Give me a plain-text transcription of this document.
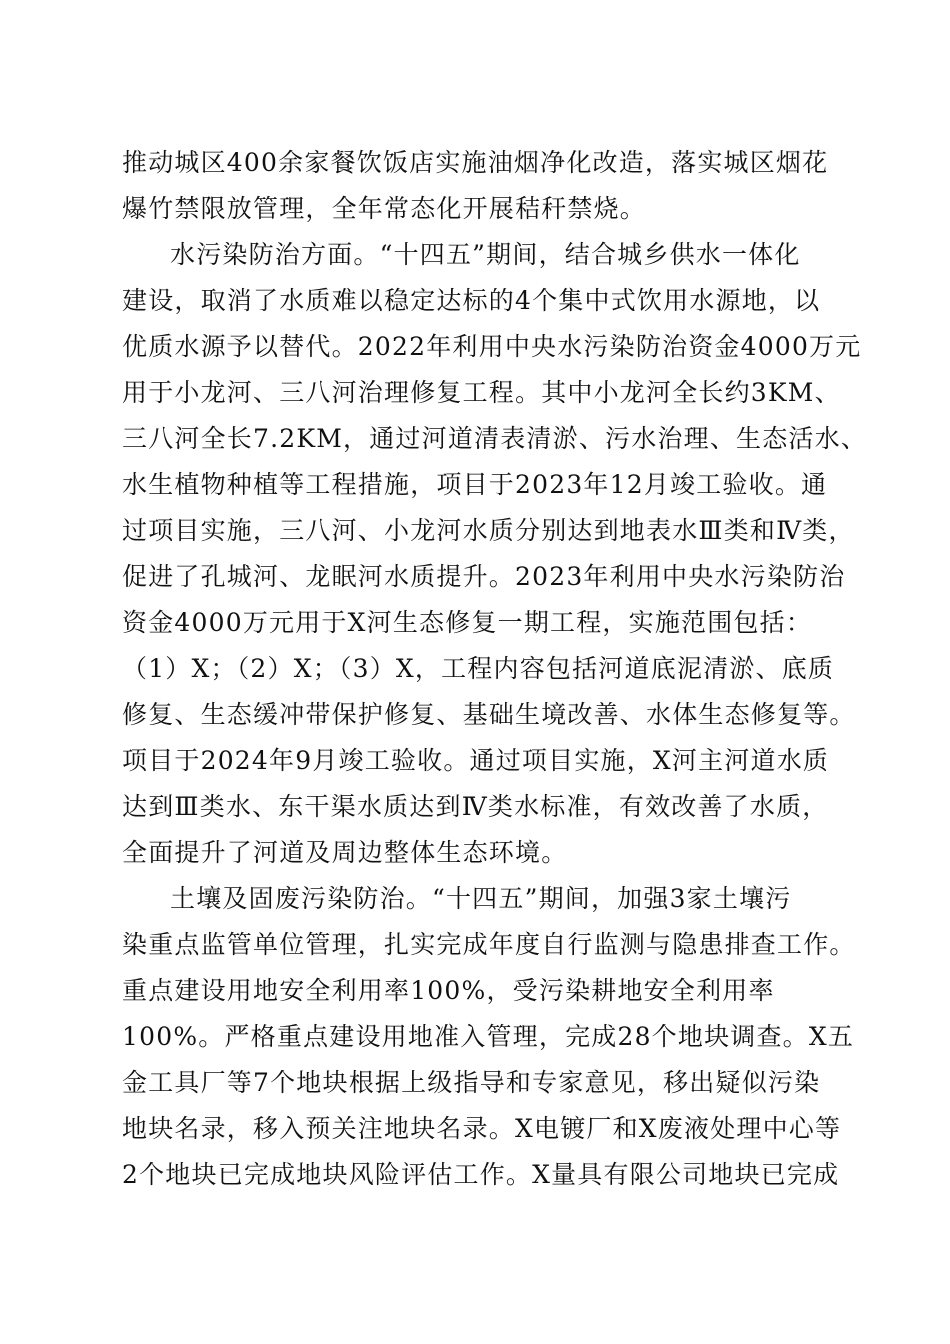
推动城区400余家餐饮饭店实施油烟净化改造，落实城区烟花
爆竹禁限放管理，全年常态化开展秸秆禁烧。
水污染防治方面。“十四五”期间，结合城乡供水一体化
建设，取消了水质难以稳定达标的4个集中式饮用水源地，以
优质水源予以替代。2022年利用中央水污染防治资金4000万元
用于小龙河、三八河治理修复工程。其中小龙河全长约3KM、
三八河全长7.2KM，通过河道清表清淤、污水治理、生态活水、
水生植物种植等工程措施，项目于2023年12月竣工验收。通
过项目实施，三八河、小龙河水质分别达到地表水Ⅲ类和Ⅳ类，
促进了孔城河、龙眠河水质提升。2023年利用中央水污染防治
资金4000万元用于X河生态修复一期工程，实施范围包括：
（1）X；（2）X；（3）X，工程内容包括河道底泥清淤、底质
修复、生态缓冲带保护修复、基础生境改善、水体生态修复等。
项目于2024年9月竣工验收。通过项目实施，X河主河道水质
达到Ⅲ类水、东干渠水质达到Ⅳ类水标准，有效改善了水质，
全面提升了河道及周边整体生态环境。
土壤及固废污染防治。“十四五”期间，加强3家土壤污
染重点监管单位管理，扎实完成年度自行监测与隐患排查工作。
重点建设用地安全利用率100%，受污染耕地安全利用率
100%。严格重点建设用地准入管理，完成28个地块调查。X五
金工具厂等7个地块根据上级指导和专家意见，移出疑似污染
地块名录，移入预关注地块名录。X电镀厂和X废液处理中心等
2个地块已完成地块风险评估工作。X量具有限公司地块已完成
